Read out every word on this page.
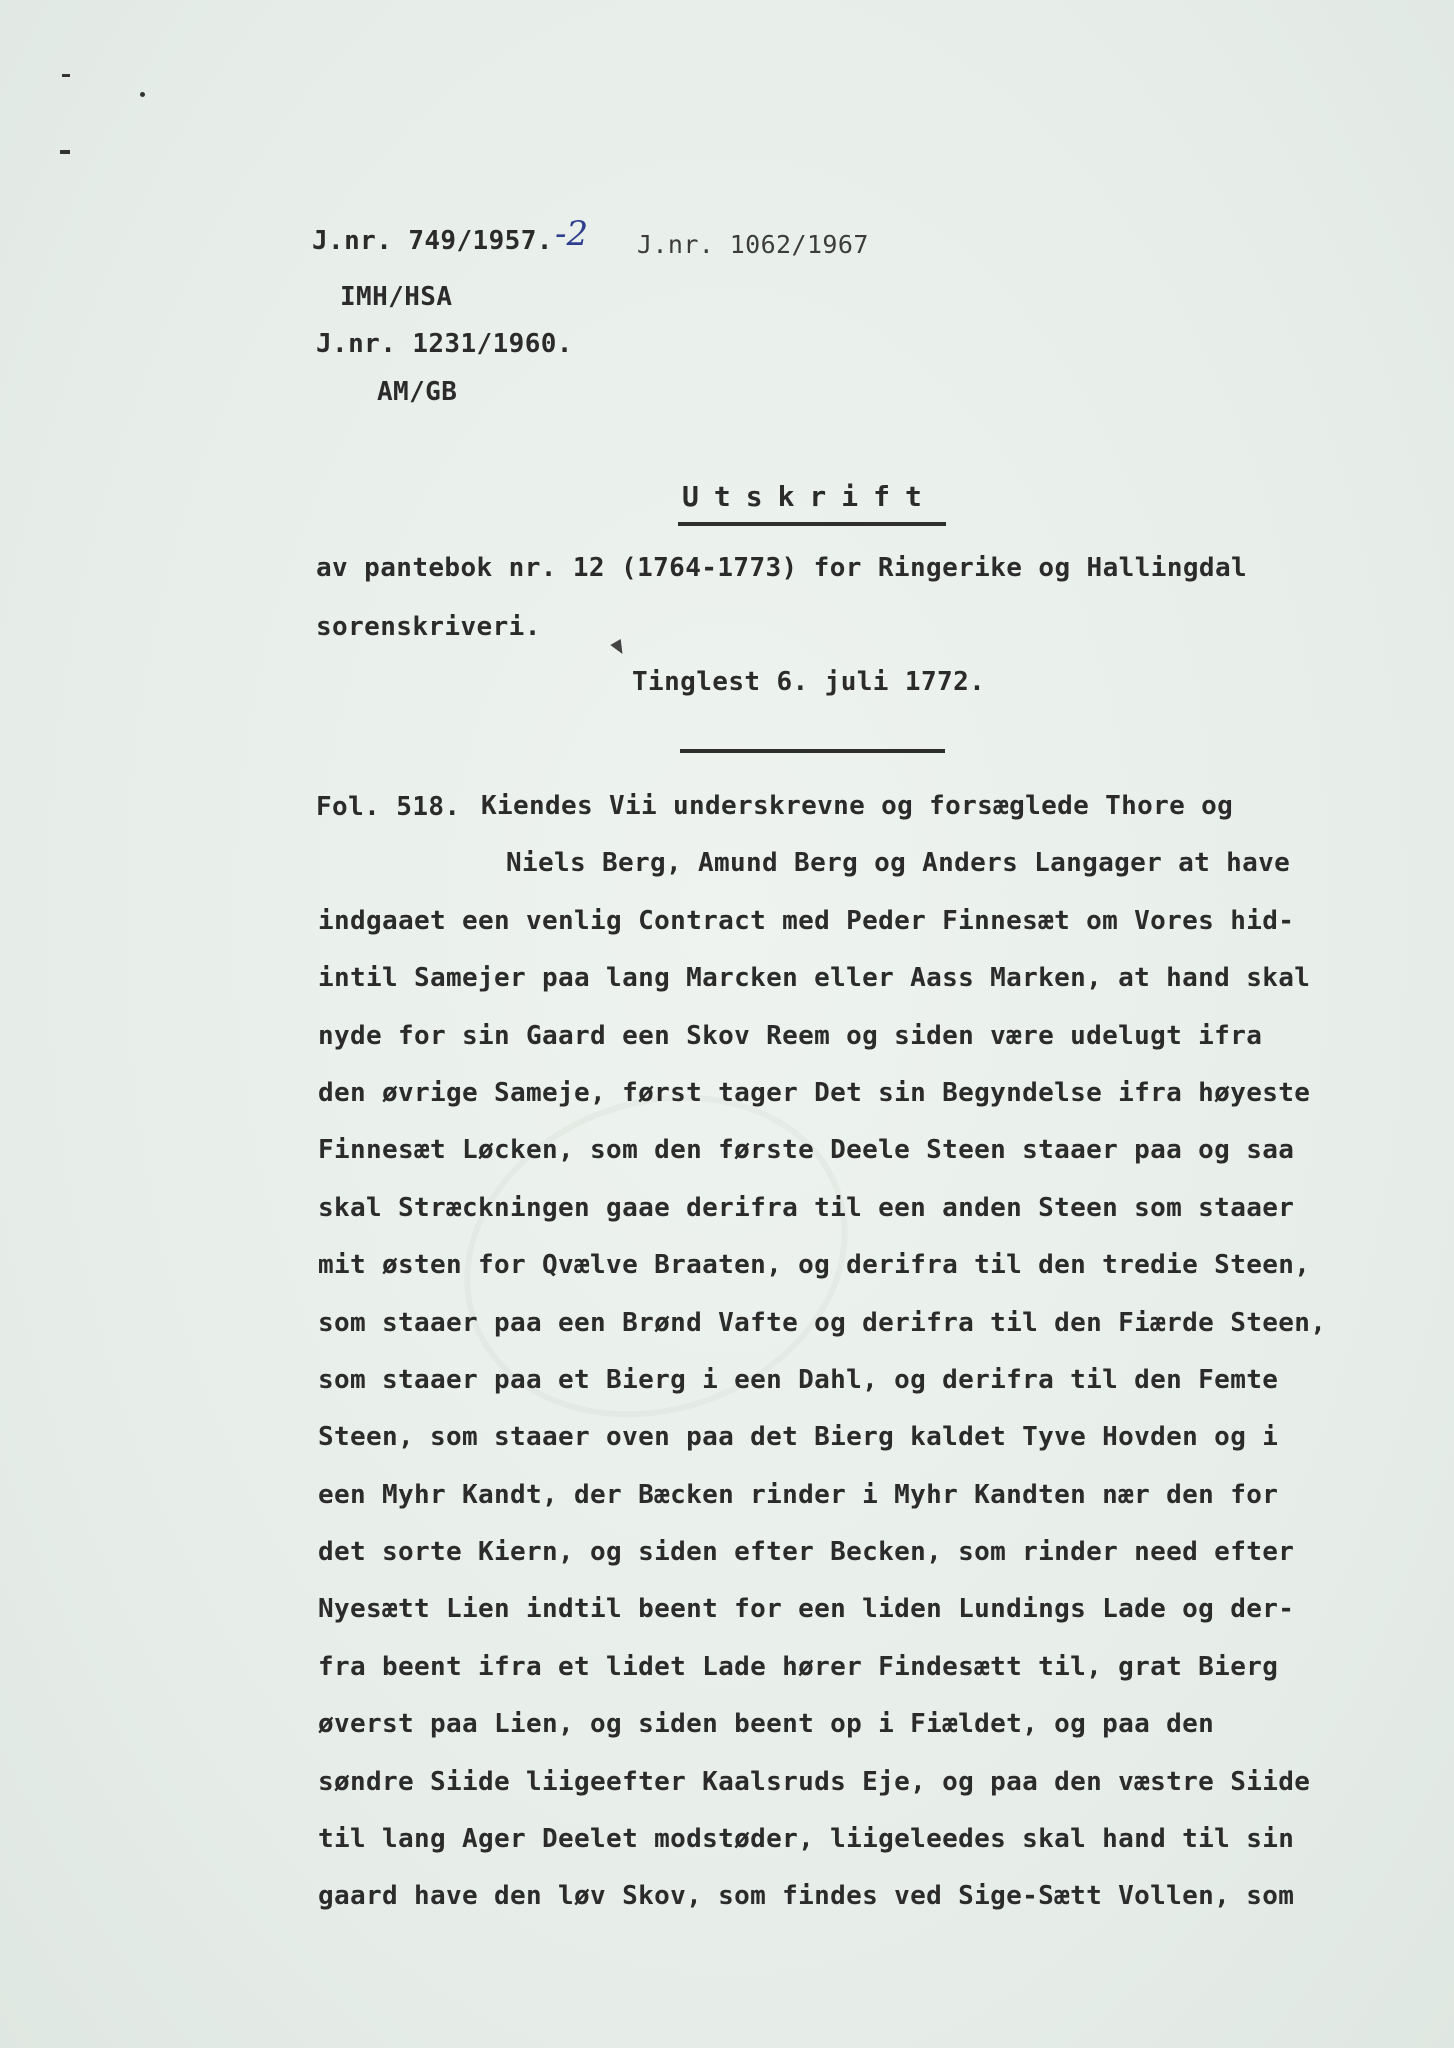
J.nr. 749/1957. -2 J.nr. 1062/1967
IMH/HSA
J.nr. 1231/1960.
AM/GB
Utskrift
av pantebok nr. 12 (1764-1773) for Ringerike og Hallingdal
sorenskriveri.
Tinglest 6. juli 1772.
Fol. 518. Kiendes Vii underskrevne og forsæglede Thore og
Niels Berg, Amund Berg og Anders Langager at have
indgaaet een venlig Contract med Peder Finnesæt om Vores hid-
intil Samejer paa lang Marcken eller Aass Marken, at hand skal
nyde for sin Gaard een Skov Reem og siden være udelugt ifra
den øvrige Sameje, først tager Det sin Begyndelse ifra høyeste
Finnesæt Løcken, som den første Deele Steen staaer paa og saa
skal Stræckningen gaae derifra til een anden Steen som staaer
mit østen for Qvælve Braaten, og derifra til den tredie Steen,
som staaer paa een Brønd Vafte og derifra til den Fiærde Steen,
som staaer paa et Bierg i een Dahl, og derifra til den Femte
Steen, som staaer oven paa det Bierg kaldet Tyve Hovden og i
een Myhr Kandt, der Bæcken rinder i Myhr Kandten nær den for
det sorte Kiern, og siden efter Becken, som rinder need efter
Nyesætt Lien indtil beent for een liden Lundings Lade og der-
fra beent ifra et lidet Lade hører Findesætt til, grat Bierg
øverst paa Lien, og siden beent op i Fiældet, og paa den
søndre Siide liigeefter Kaalsruds Eje, og paa den væstre Siide
til lang Ager Deelet modstøder, liigeleedes skal hand til sin
gaard have den løv Skov, som findes ved Sige-Sætt Vollen, som
